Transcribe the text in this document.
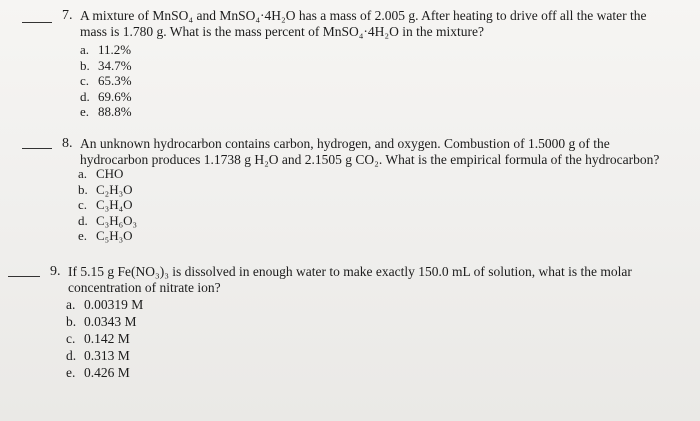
7. A mixture of MnSO₄ and MnSO₄·4H₂O has a mass of 2.005 g. After heating to drive off all the water the
mass is 1.780 g. What is the mass percent of MnSO₄·4H₂O in the mixture?
a. 11.2%
b. 34.7%
c. 65.3%
d. 69.6%
e. 88.8%
8. An unknown hydrocarbon contains carbon, hydrogen, and oxygen. Combustion of 1.5000 g of the
hydrocarbon produces 1.1738 g H₂O and 2.1505 g CO₂. What is the empirical formula of the hydrocarbon?
a. CHO
b. C₂H₃O
c. C₃H₄O
d. C₃H₆O₃
e. C₅H₃O
9. If 5.15 g Fe(NO₃)₃ is dissolved in enough water to make exactly 150.0 mL of solution, what is the molar
concentration of nitrate ion?
a. 0.00319 M
b. 0.0343 M
c. 0.142 M
d. 0.313 M
e. 0.426 M
